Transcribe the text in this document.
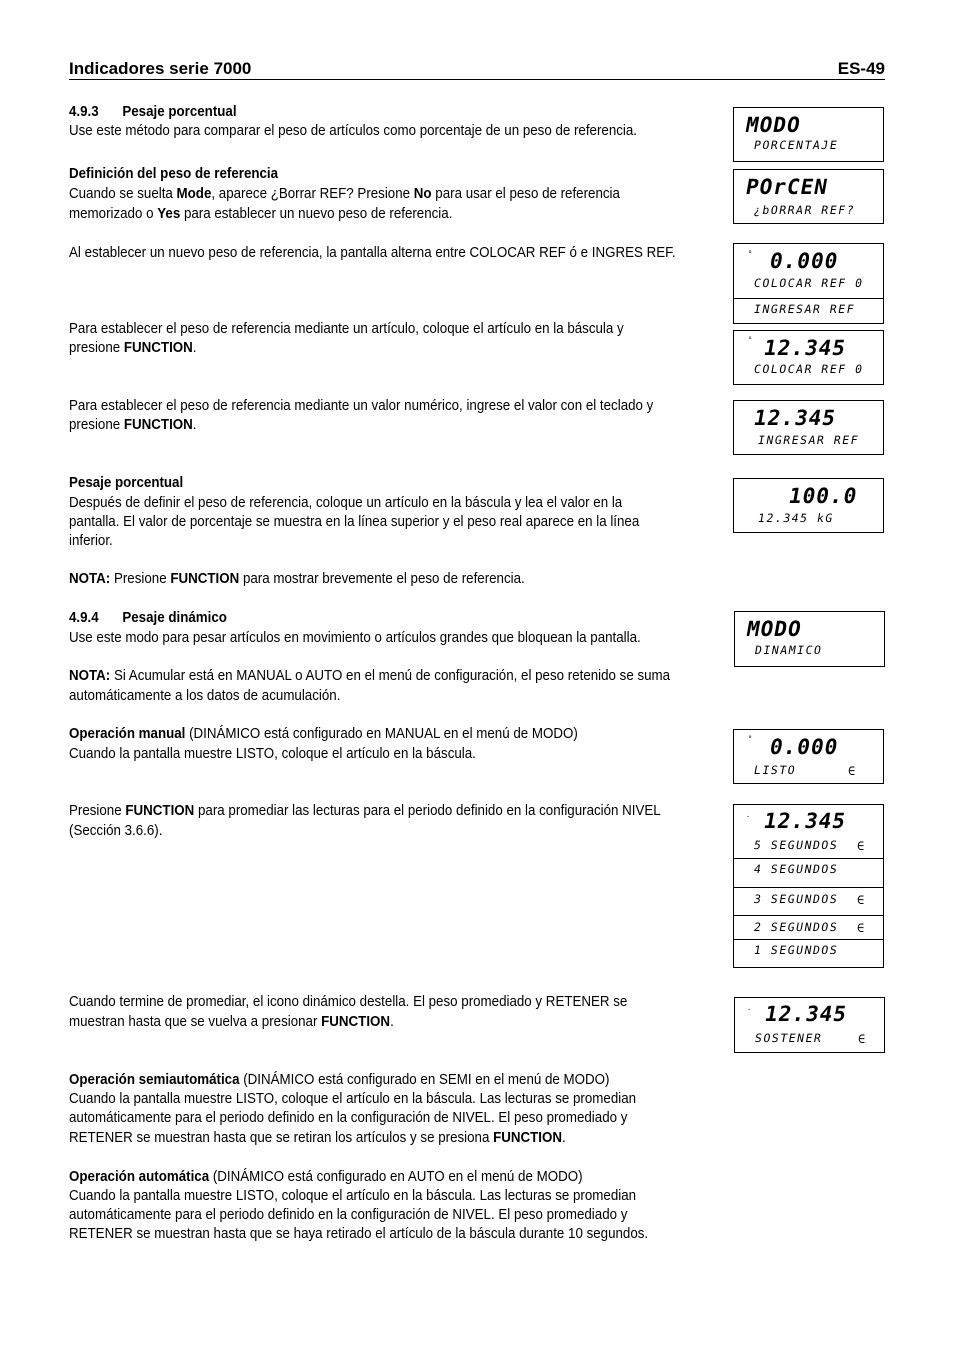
Indicadores serie 7000	ES-49
4.9.3 Pesaje porcentual
Use este método para comparar el peso de artículos como porcentaje de un peso de referencia.
Definición del peso de referencia
Cuando se suelta Mode, aparece ¿Borrar REF? Presione No para usar el peso de referencia
memorizado o Yes para establecer un nuevo peso de referencia.
Al establecer un nuevo peso de referencia, la pantalla alterna entre COLOCAR REF ó e INGRES REF.
Para establecer el peso de referencia mediante un artículo, coloque el artículo en la báscula y
presione FUNCTION.
Para establecer el peso de referencia mediante un valor numérico, ingrese el valor con el teclado y
presione FUNCTION.
Pesaje porcentual
Después de definir el peso de referencia, coloque un artículo en la báscula y lea el valor en la
pantalla. El valor de porcentaje se muestra en la línea superior y el peso real aparece en la línea
inferior.
NOTA: Presione FUNCTION para mostrar brevemente el peso de referencia.
4.9.4 Pesaje dinámico
Use este modo para pesar artículos en movimiento o artículos grandes que bloquean la pantalla.
NOTA: Si Acumular está en MANUAL o AUTO en el menú de configuración, el peso retenido se suma
automáticamente a los datos de acumulación.
Operación manual (DINÁMICO está configurado en MANUAL en el menú de MODO)
Cuando la pantalla muestre LISTO, coloque el artículo en la báscula.
Presione FUNCTION para promediar las lecturas para el periodo definido en la configuración NIVEL
(Sección 3.6.6).
Cuando termine de promediar, el icono dinámico destella. El peso promediado y RETENER se
muestran hasta que se vuelva a presionar FUNCTION.
Operación semiautomática (DINÁMICO está configurado en SEMI en el menú de MODO)
Cuando la pantalla muestre LISTO, coloque el artículo en la báscula. Las lecturas se promedian
automáticamente para el periodo definido en la configuración de NIVEL. El peso promediado y
RETENER se muestran hasta que se retiran los artículos y se presiona FUNCTION.
Operación automática (DINÁMICO está configurado en AUTO en el menú de MODO)
Cuando la pantalla muestre LISTO, coloque el artículo en la báscula. Las lecturas se promedian
automáticamente para el periodo definido en la configuración de NIVEL. El peso promediado y
RETENER se muestran hasta que se haya retirado el artículo de la báscula durante 10 segundos.
MODO
PORCENTAJE
POrCEN
¿bORRAR REF?
° 0.000
COLOCAR REF 0
INGRESAR REF
° 12.345
COLOCAR REF 0
12.345
INGRESAR REF
100.0
12.345 kG
MODO
DINAMICO
° 0.000
LISTO	∈
· 12.345
5 SEGUNDOS ∈
4 SEGUNDOS
3 SEGUNDOS ∈
2 SEGUNDOS ∈
1 SEGUNDOS
· 12.345
SOSTENER	∈
